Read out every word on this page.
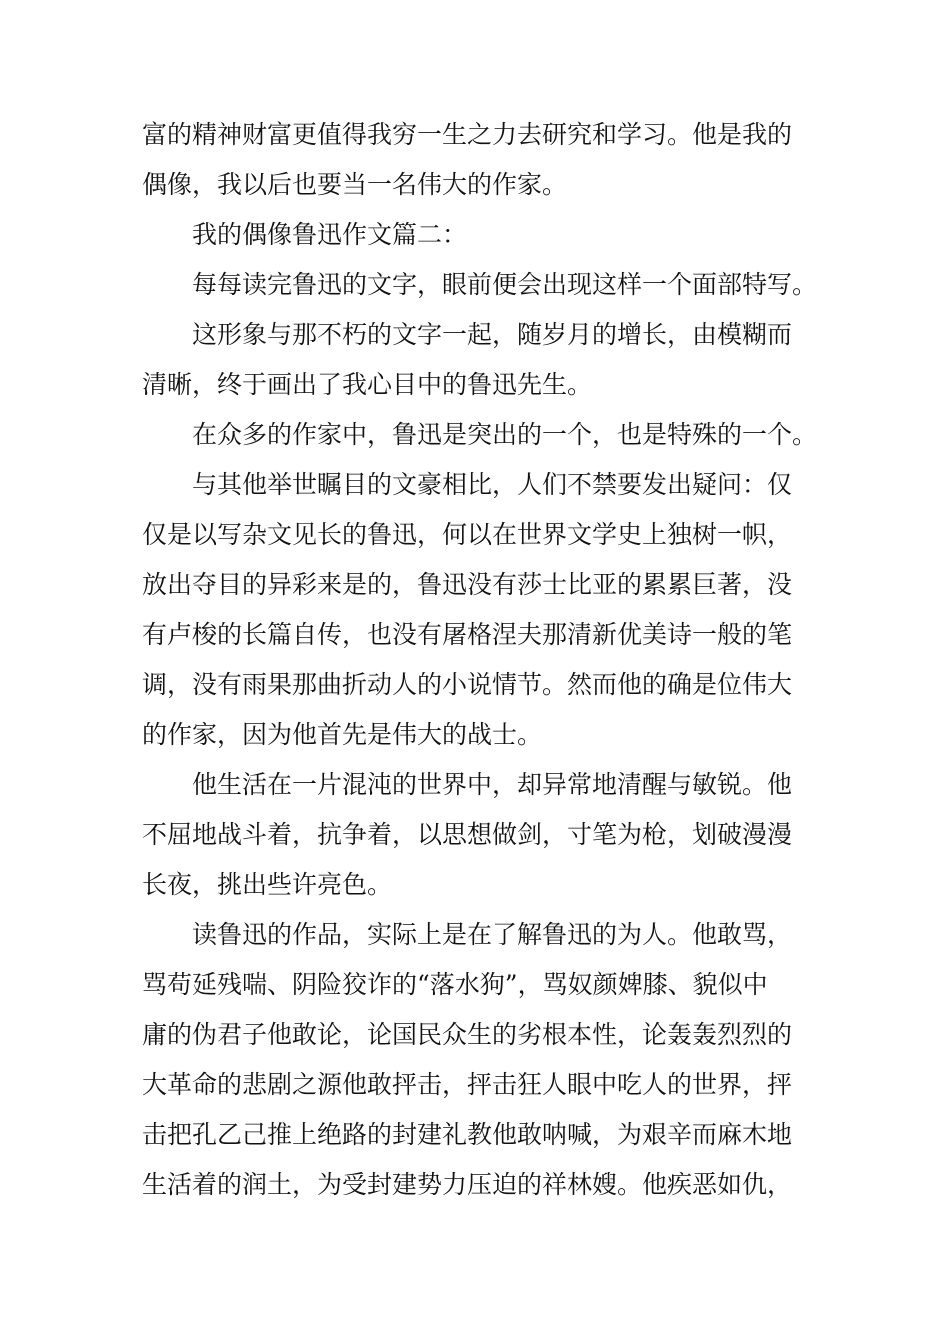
富的精神财富更值得我穷一生之力去研究和学习。他是我的
偶像，我以后也要当一名伟大的作家。
我的偶像鲁迅作文篇二：
每每读完鲁迅的文字，眼前便会出现这样一个面部特写。
这形象与那不朽的文字一起，随岁月的增长，由模糊而
清晰，终于画出了我心目中的鲁迅先生。
在众多的作家中，鲁迅是突出的一个，也是特殊的一个。
与其他举世瞩目的文豪相比，人们不禁要发出疑问：仅
仅是以写杂文见长的鲁迅，何以在世界文学史上独树一帜，
放出夺目的异彩来是的，鲁迅没有莎士比亚的累累巨著，没
有卢梭的长篇自传，也没有屠格涅夫那清新优美诗一般的笔
调，没有雨果那曲折动人的小说情节。然而他的确是位伟大
的作家，因为他首先是伟大的战士。
他生活在一片混沌的世界中，却异常地清醒与敏锐。他
不屈地战斗着，抗争着，以思想做剑，寸笔为枪，划破漫漫
长夜，挑出些许亮色。
读鲁迅的作品，实际上是在了解鲁迅的为人。他敢骂，
骂苟延残喘、阴险狡诈的“落水狗”，骂奴颜婢膝、貌似中
庸的伪君子他敢论，论国民众生的劣根本性，论轰轰烈烈的
大革命的悲剧之源他敢抨击，抨击狂人眼中吃人的世界，抨
击把孔乙己推上绝路的封建礼教他敢呐喊，为艰辛而麻木地
生活着的润土，为受封建势力压迫的祥林嫂。他疾恶如仇，
